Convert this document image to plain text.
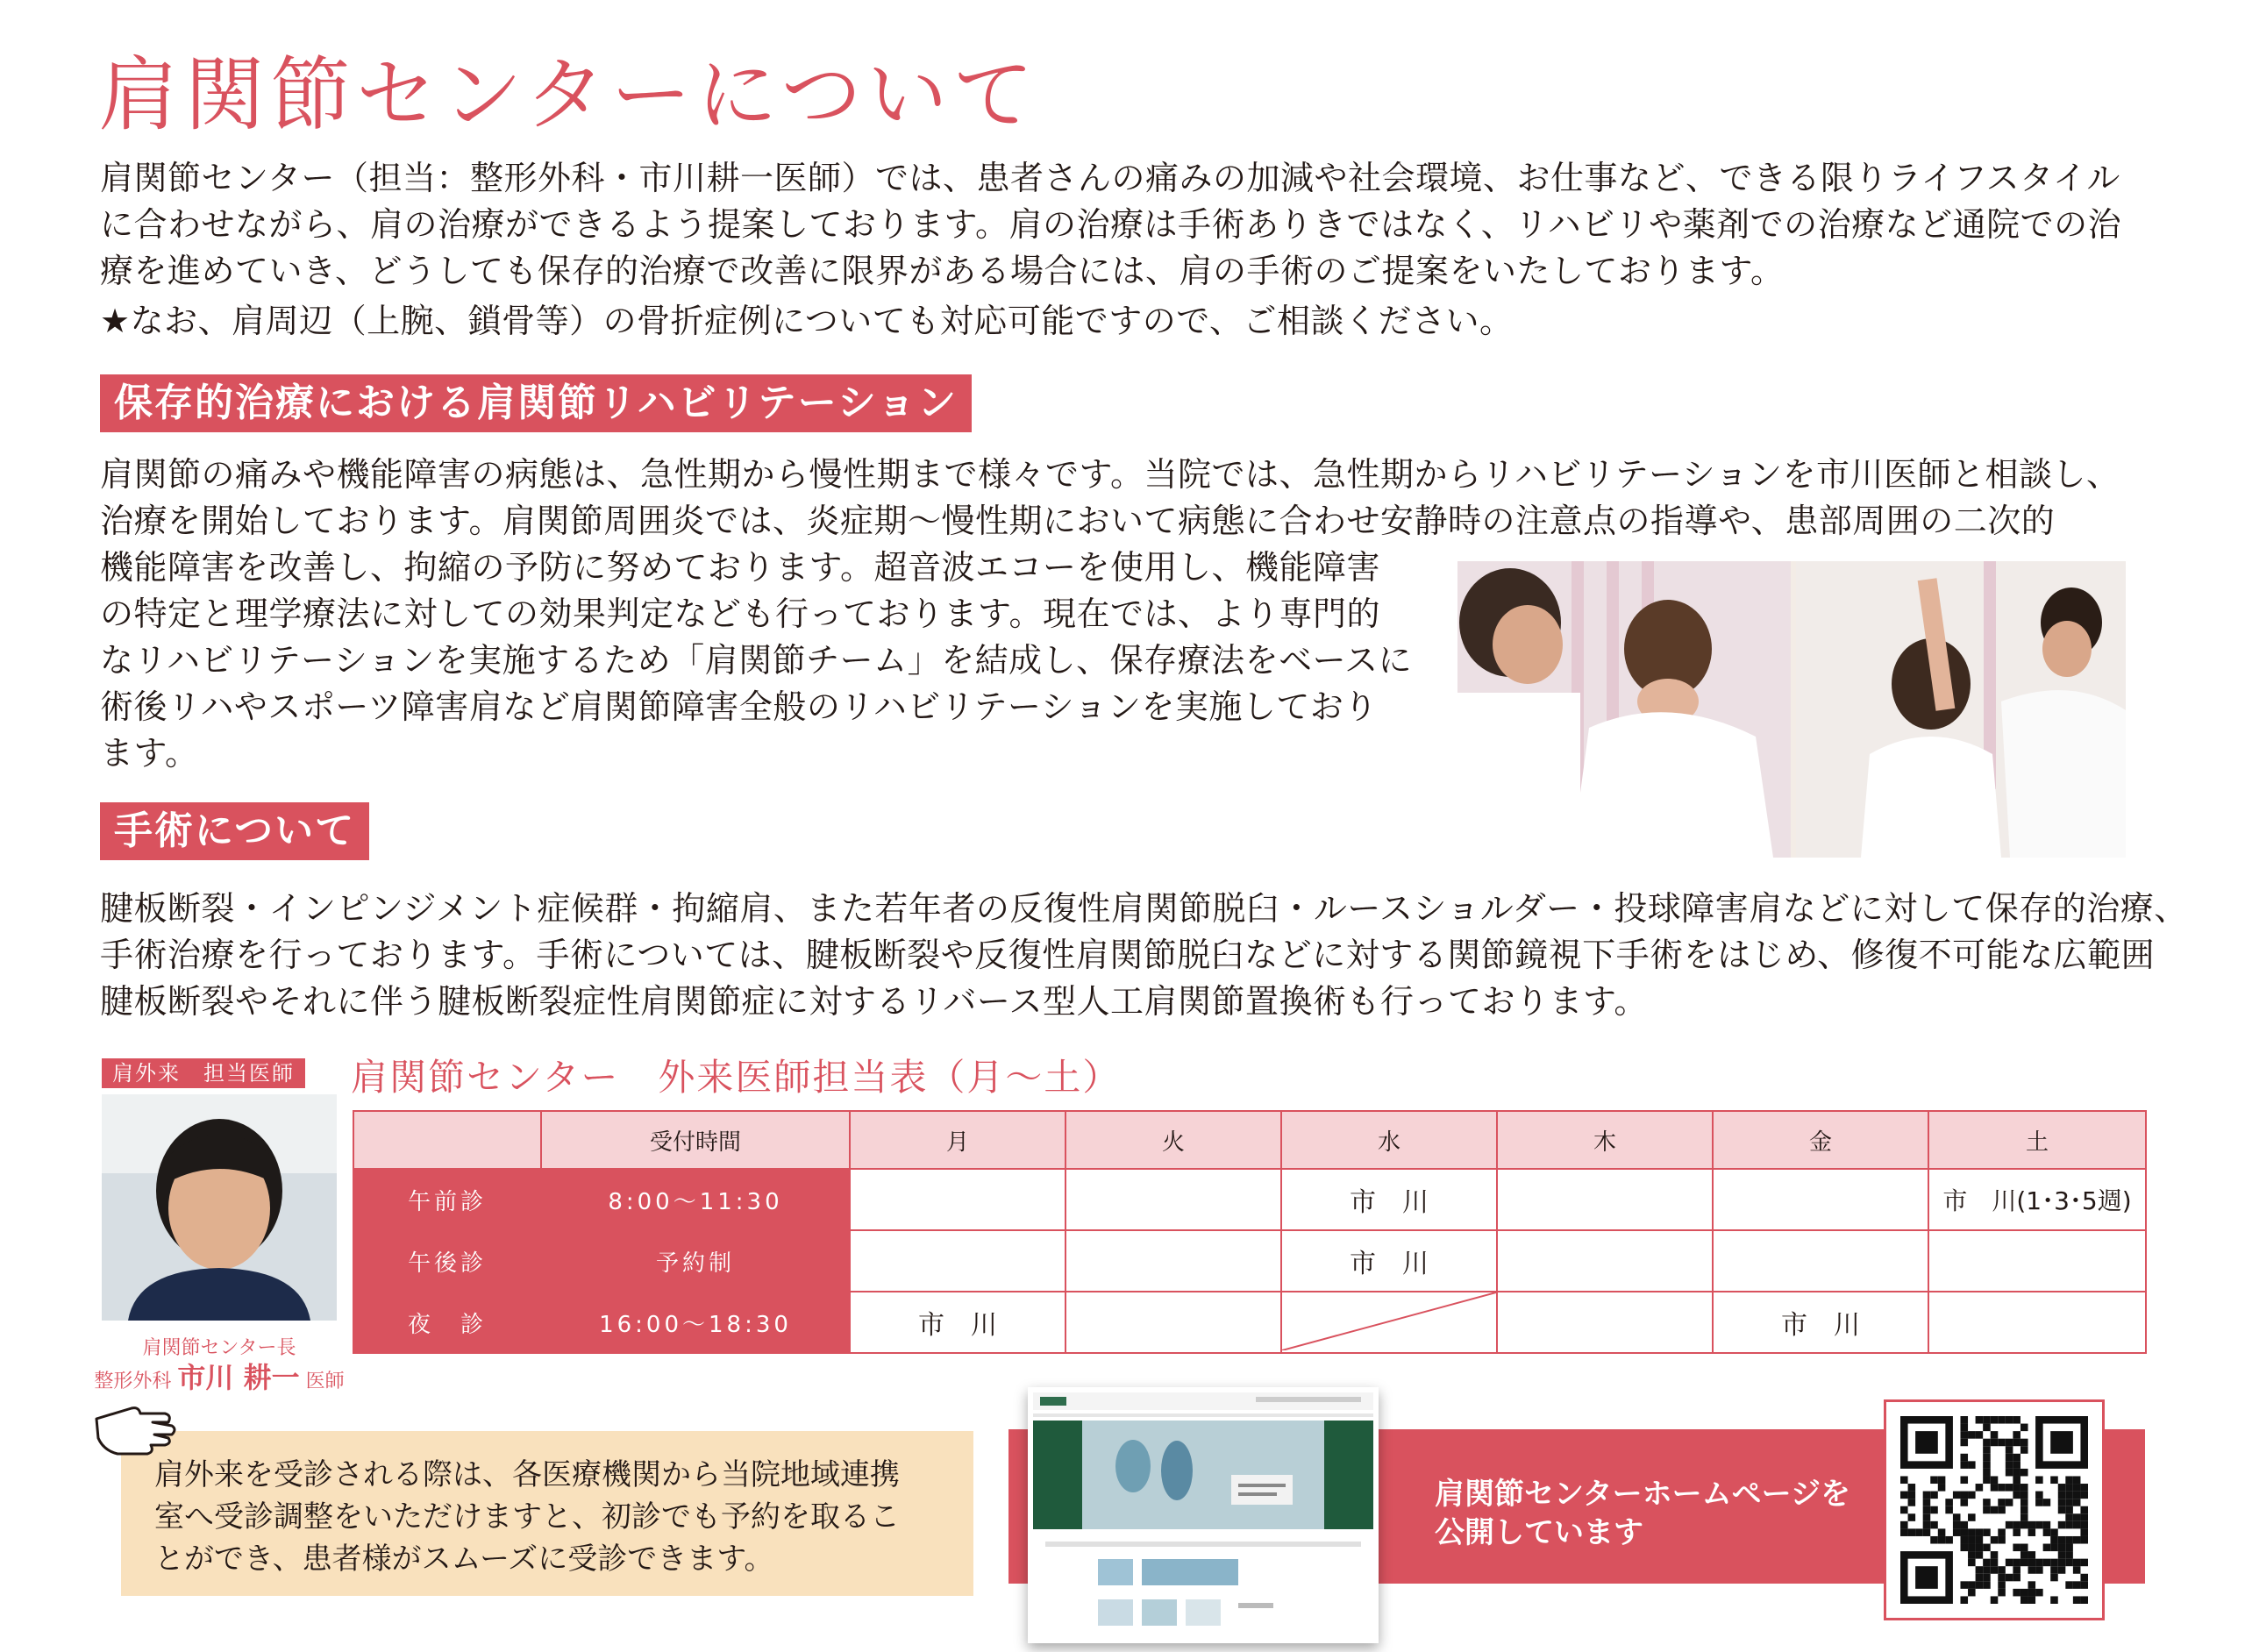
肩関節センターについて

肩関節センター（担当：整形外科・市川耕一医師）では、患者さんの痛みの加減や社会環境、お仕事など、できる限りライフスタイル

に合わせながら、肩の治療ができるよう提案しております。肩の治療は手術ありきではなく、リハビリや薬剤での治療など通院での治

療を進めていき、どうしても保存的治療で改善に限界がある場合には、肩の手術のご提案をいたしております。

★なお、肩周辺（上腕、鎖骨等）の骨折症例についても対応可能ですので、ご相談ください。

保存的治療における肩関節リハビリテーション

肩関節の痛みや機能障害の病態は、急性期から慢性期まで様々です。当院では、急性期からリハビリテーションを市川医師と相談し、

治療を開始しております。肩関節周囲炎では、炎症期～慢性期において病態に合わせ安静時の注意点の指導や、患部周囲の二次的

機能障害を改善し、拘縮の予防に努めております。超音波エコーを使用し、機能障害

の特定と理学療法に対しての効果判定なども行っております。現在では、より専門的

なリハビリテーションを実施するため「肩関節チーム」を結成し、保存療法をベースに

術後リハやスポーツ障害肩など肩関節障害全般のリハビリテーションを実施しており

ます。

手術について

腱板断裂・インピンジメント症候群・拘縮肩、また若年者の反復性肩関節脱臼・ルースショルダー・投球障害肩などに対して保存的治療、

手術治療を行っております。手術については、腱板断裂や反復性肩関節脱臼などに対する関節鏡視下手術をはじめ、修復不可能な広範囲

腱板断裂やそれに伴う腱板断裂症性肩関節症に対するリバース型人工肩関節置換術も行っております。

肩外来　担当医師
肩関節センター長
整形外科 市川 耕一 医師
肩関節センター　外来医師担当表（月～土）
	受付時間	月	火	水	木	金	土
午前診	8:00～11:30			市　川			市　川(1･3･5週)
午後診	予約制			市　川			
夜　診	16:00～18:30	市　川				市　川	

肩外来を受診される際は、各医療機関から当院地域連携

室へ受診調整をいただけますと、初診でも予約を取るこ

とができ、患者様がスムーズに受診できます。

肩関節センターホームページを
公開しています
